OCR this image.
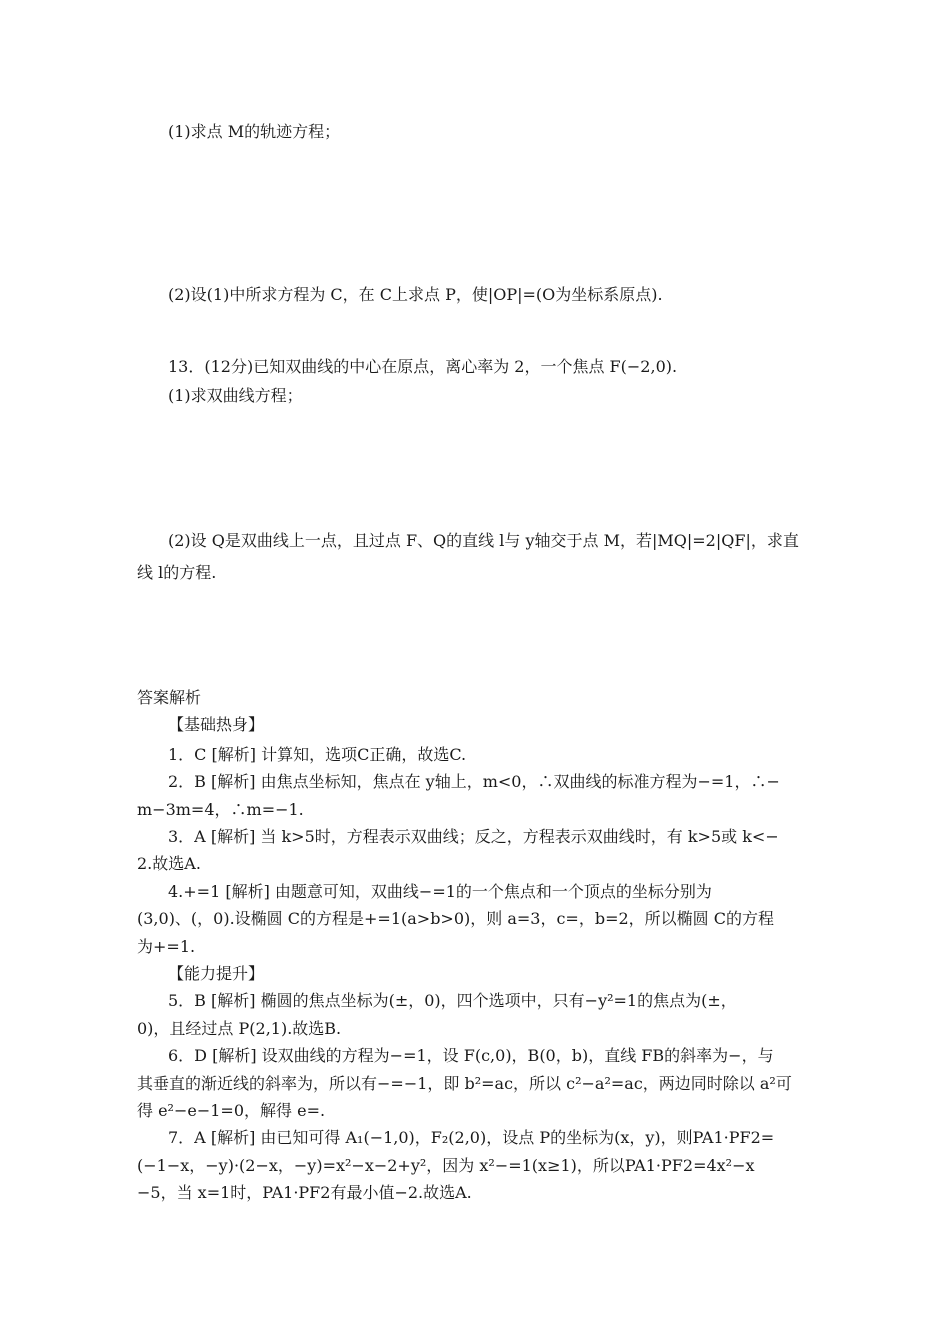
(1)求点 M的轨迹方程；
(2)设(1)中所求方程为 C，在 C上求点 P，使|OP|=(O为坐标系原点).
13．(12分)已知双曲线的中心在原点，离心率为 2，一个焦点 F(−2,0).
(1)求双曲线方程；
(2)设 Q是双曲线上一点，且过点 F、Q的直线 l与 y轴交于点 M，若|MQ|=2|QF|，求直
线 l的方程.
答案解析
【基础热身】
1．C [解析] 计算知，选项C正确，故选C.
2．B [解析] 由焦点坐标知，焦点在 y轴上，m<0，∴双曲线的标准方程为−=1，∴−
m−3m=4，∴m=−1.
3．A [解析] 当 k>5时，方程表示双曲线；反之，方程表示双曲线时，有 k>5或 k<−
2.故选A.
4.+=1 [解析] 由题意可知，双曲线−=1的一个焦点和一个顶点的坐标分别为
(3,0)、(，0).设椭圆 C的方程是+=1(a>b>0)，则 a=3，c=，b=2，所以椭圆 C的方程
为+=1.
【能力提升】
5．B [解析] 椭圆的焦点坐标为(±，0)，四个选项中，只有−y²=1的焦点为(±，
0)，且经过点 P(2,1).故选B.
6．D [解析] 设双曲线的方程为−=1，设 F(c,0)，B(0，b)，直线 FB的斜率为−，与
其垂直的渐近线的斜率为，所以有−=−1，即 b²=ac，所以 c²−a²=ac，两边同时除以 a²可
得 e²−e−1=0，解得 e=.
7．A [解析] 由已知可得 A₁(−1,0)，F₂(2,0)，设点 P的坐标为(x，y)，则PA1·PF2=
(−1−x，−y)·(2−x，−y)=x²−x−2+y²，因为 x²−=1(x≥1)，所以PA1·PF2=4x²−x
−5，当 x=1时，PA1·PF2有最小值−2.故选A.
